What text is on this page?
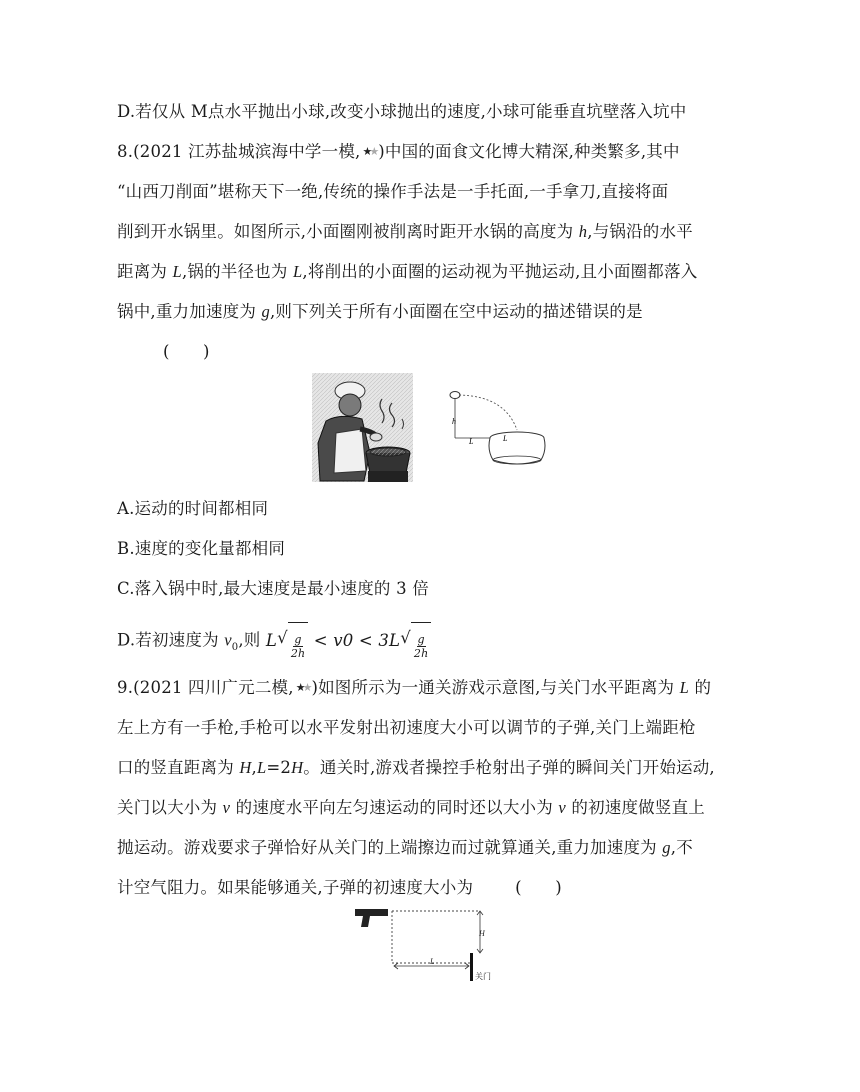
D.若仅从 M点水平抛出小球,改变小球抛出的速度,小球可能垂直坑壁落入坑中
8.(2021 江苏盐城滨海中学一模, ★★ )中国的面食文化博大精深,种类繁多,其中
“山西刀削面”堪称天下一绝,传统的操作手法是一手托面,一手拿刀,直接将面
削到开水锅里。如图所示,小面圈刚被削离时距开水锅的高度为 h,与锅沿的水平
距离为 L,锅的半径也为 L,将削出的小面圈的运动视为平抛运动,且小面圈都落入
锅中,重力加速度为 g,则下列关于所有小面圈在空中运动的描述错误的是
(　　)
h
L	L
A.运动的时间都相同
B.速度的变化量都相同
C.落入锅中时,最大速度是最小速度的 3 倍
D.若初速度为 $v_0$,则 $L√ \frac{g}{2h} < v0 < 3L√ \frac{g}{2h}$
9.(2021 四川广元二模, ★★ )如图所示为一通关游戏示意图,与关门水平距离为 L 的
左上方有一手枪,手枪可以水平发射出初速度大小可以调节的子弹,关门上端距枪
口的竖直距离为 H,L=2H。通关时,游戏者操控手枪射出子弹的瞬间关门开始运动,
关门以大小为 v 的速度水平向左匀速运动的同时还以大小为 v 的初速度做竖直上
抛运动。游戏要求子弹恰好从关门的上端擦边而过就算通关,重力加速度为 g,不
计空气阻力。如果能够通关,子弹的初速度大小为	(　　)
H
L
关门
